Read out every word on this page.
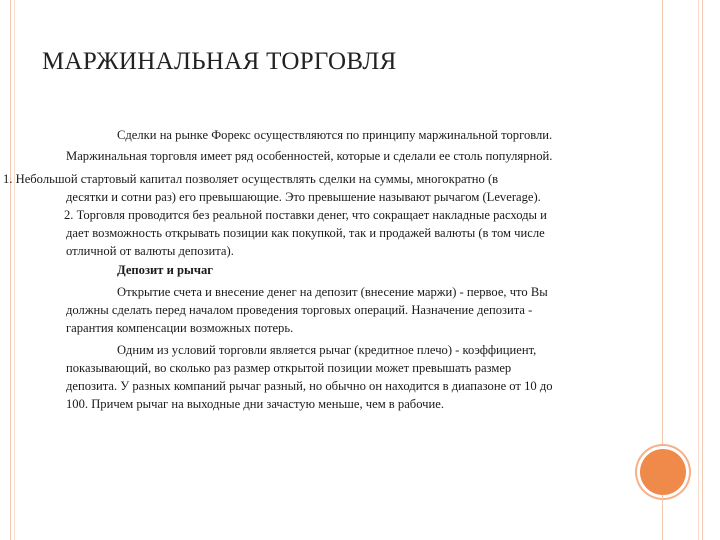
МАРЖИНАЛЬНАЯ ТОРГОВЛЯ
Сделки на рынке Форекс осуществляются по принципу маржинальной торговли.
Маржинальная торговля имеет ряд особенностей, которые и сделали ее столь популярной.
1. Небольшой стартовый капитал позволяет осуществлять сделки на суммы, многократно (в
десятки и сотни раз) его превышающие. Это превышение называют рычагом (Leverage).
2. Торговля проводится без реальной поставки денег, что сокращает накладные расходы и
дает возможность открывать позиции как покупкой, так и продажей валюты (в том числе
отличной от валюты депозита).
Депозит и рычаг
Открытие счета и внесение денег на депозит (внесение маржи) - первое, что Вы
должны сделать перед началом проведения торговых операций. Назначение депозита -
гарантия компенсации возможных потерь.
Одним из условий торговли является рычаг (кредитное плечо) - коэффициент,
показывающий, во сколько раз размер открытой позиции может превышать размер
депозита. У разных компаний рычаг разный, но обычно он находится в диапазоне от 10 до
100. Причем рычаг на выходные дни зачастую меньше, чем в рабочие.
